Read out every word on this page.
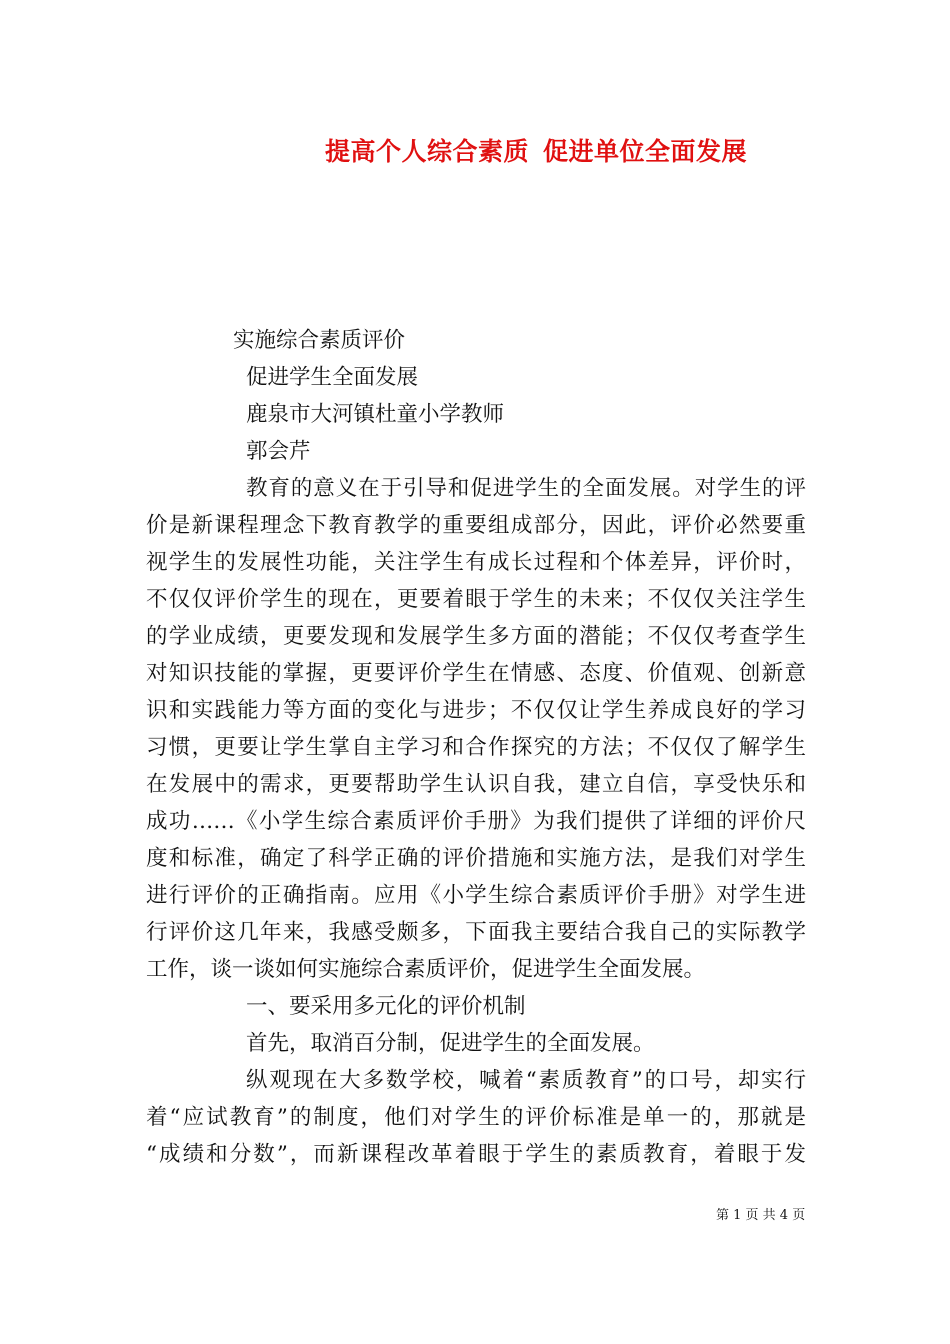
提高个人综合素质 促进单位全面发展
实施综合素质评价
促进学生全面发展
鹿泉市大河镇杜童小学教师
郭会芹
教育的意义在于引导和促进学生的全面发展。对学生的评
价是新课程理念下教育教学的重要组成部分，因此，评价必然要重
视学生的发展性功能，关注学生有成长过程和个体差异，评价时，
不仅仅评价学生的现在，更要着眼于学生的未来；不仅仅关注学生
的学业成绩，更要发现和发展学生多方面的潜能；不仅仅考查学生
对知识技能的掌握，更要评价学生在情感、态度、价值观、创新意
识和实践能力等方面的变化与进步；不仅仅让学生养成良好的学习
习惯，更要让学生掌自主学习和合作探究的方法；不仅仅了解学生
在发展中的需求，更要帮助学生认识自我，建立自信，享受快乐和
成功……《小学生综合素质评价手册》为我们提供了详细的评价尺
度和标准，确定了科学正确的评价措施和实施方法，是我们对学生
进行评价的正确指南。应用《小学生综合素质评价手册》对学生进
行评价这几年来，我感受颇多，下面我主要结合我自己的实际教学
工作，谈一谈如何实施综合素质评价，促进学生全面发展。
一、要采用多元化的评价机制
首先，取消百分制，促进学生的全面发展。
纵观现在大多数学校，喊着“素质教育”的口号，却实行
着“应试教育”的制度，他们对学生的评价标准是单一的，那就是
“成绩和分数”，而新课程改革着眼于学生的素质教育，着眼于发
第 1 页 共 4 页
